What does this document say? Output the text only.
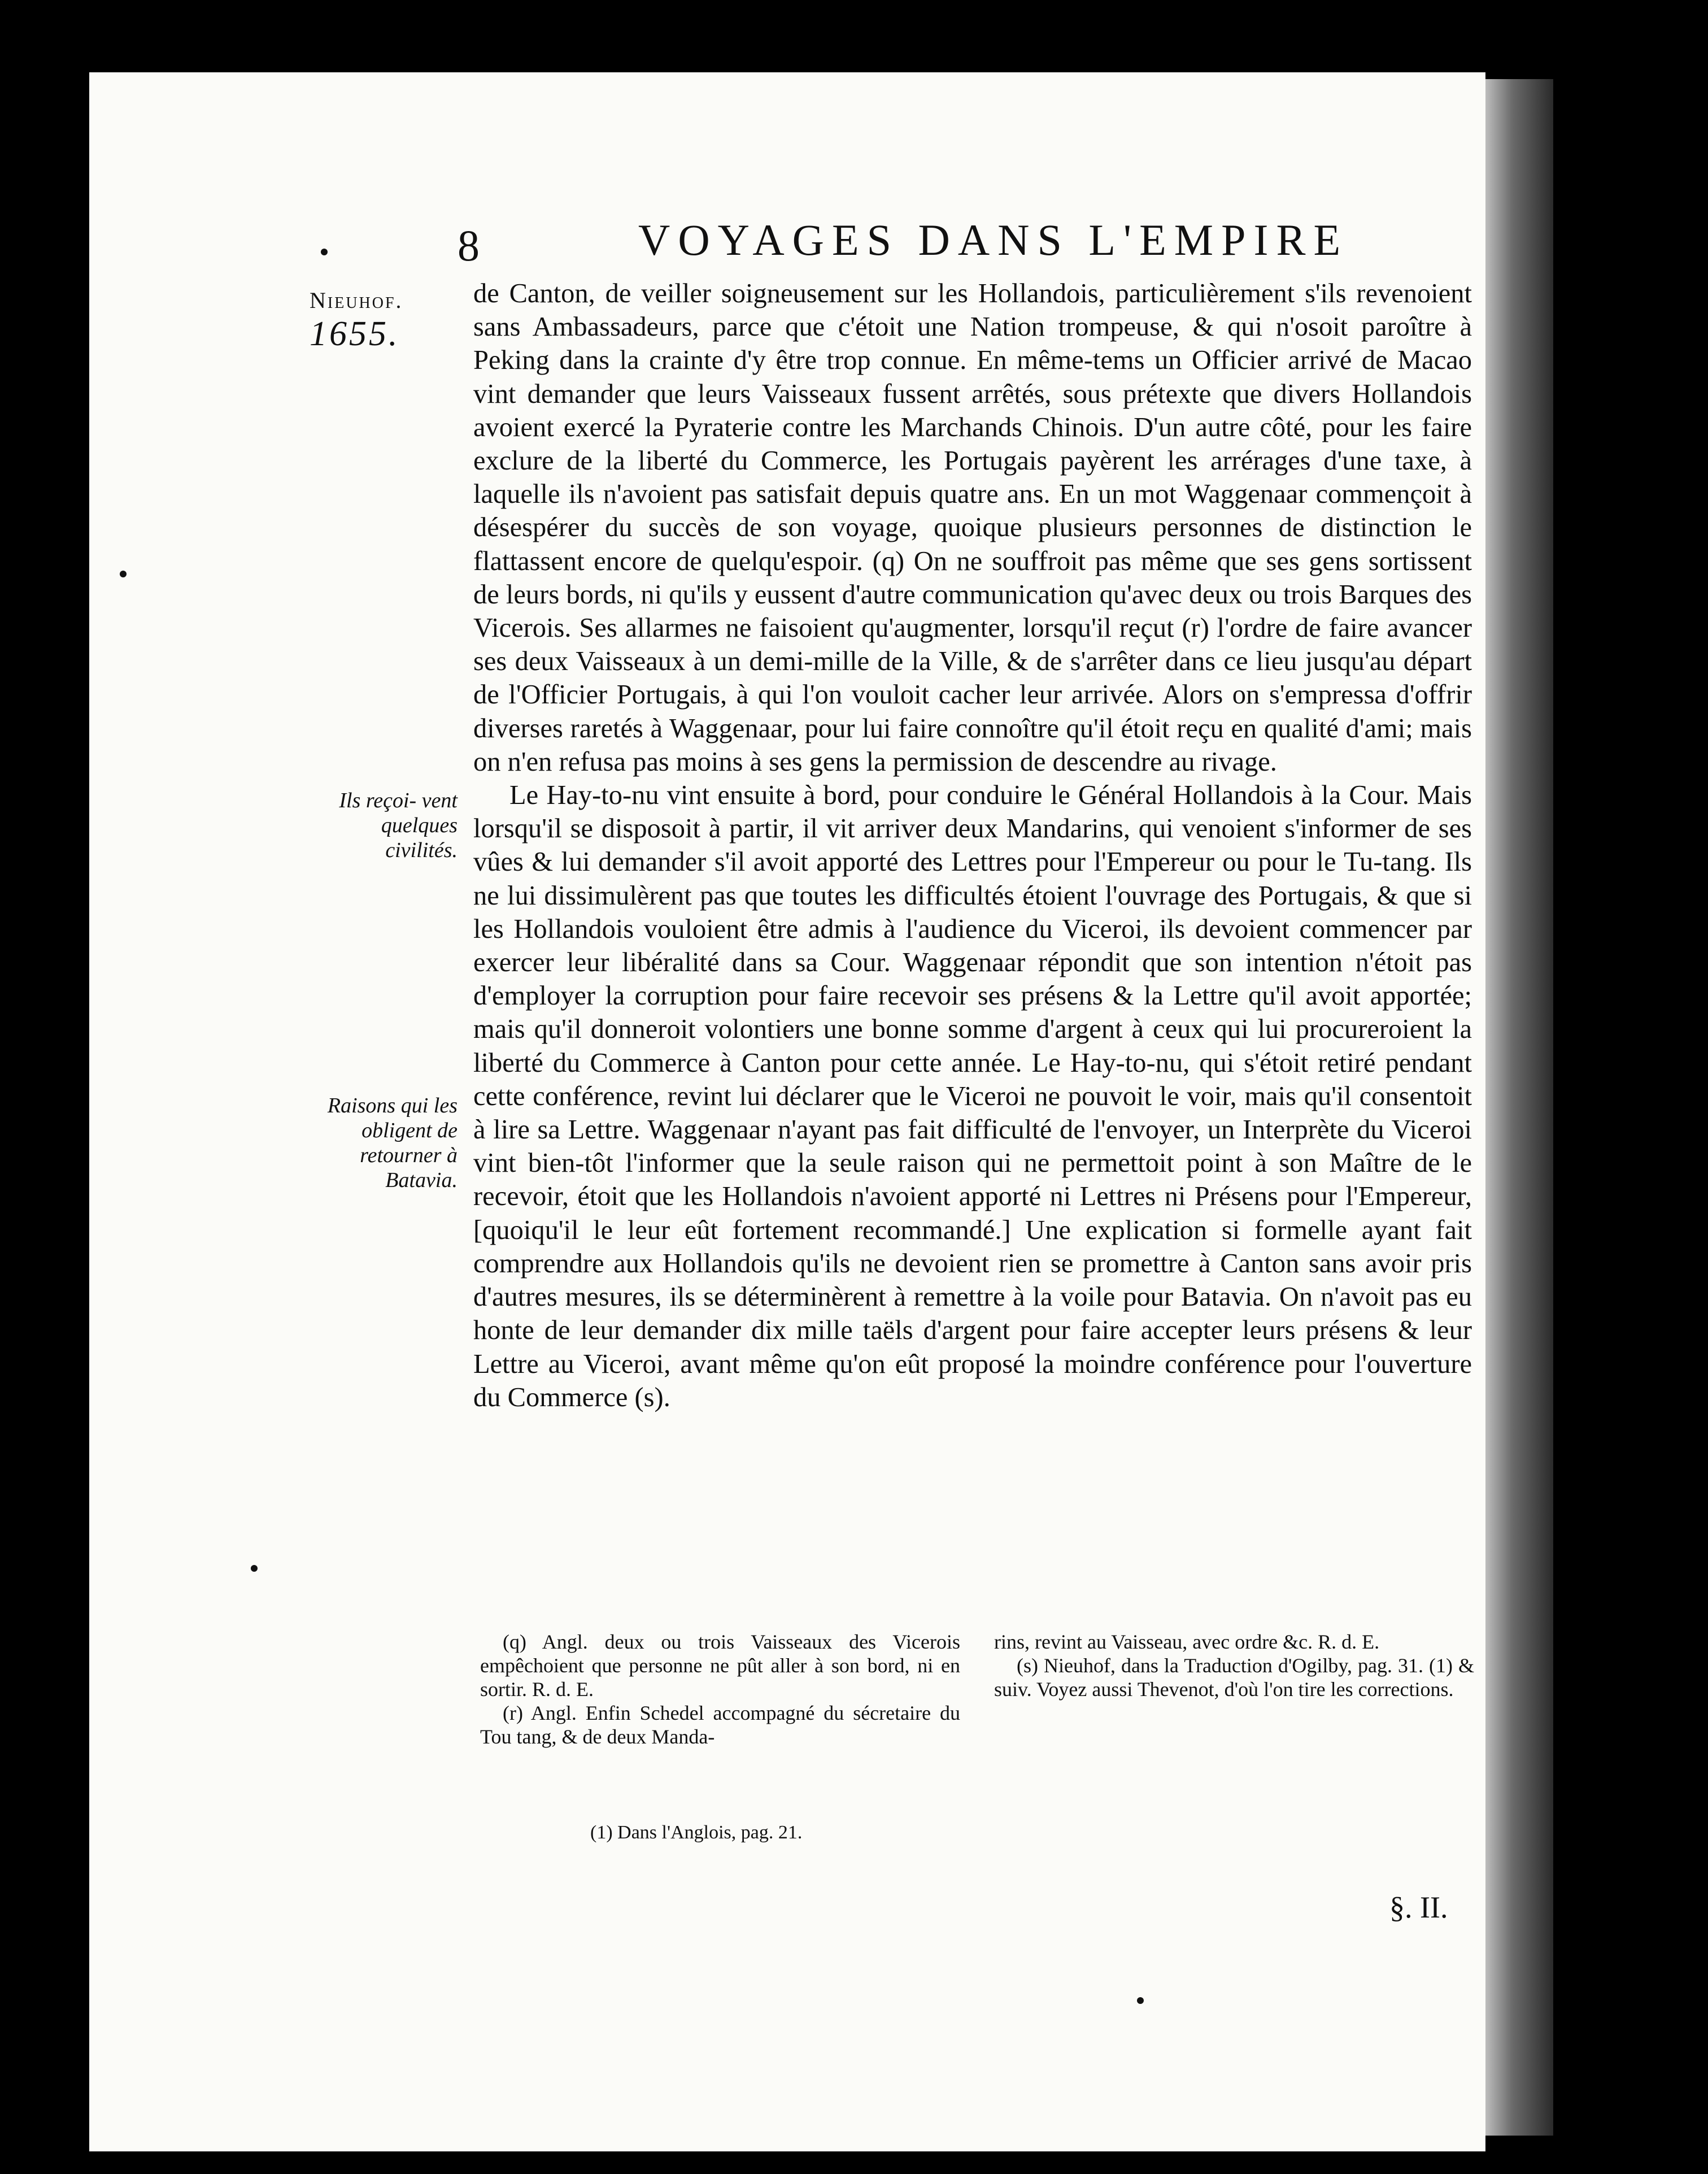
8	VOYAGES DANS L'EMPIRE
Nieuhof.
1655.
Ils reçoi- vent quelques civilités.
Raisons qui les obligent de retourner à Batavia.

de Canton, de veiller soigneusement sur les Hollandois, particulièrement s'ils revenoient sans Ambassadeurs, parce que c'étoit une Nation trompeuse, & qui n'osoit paroître à Peking dans la crainte d'y être trop connue. En même-tems un Officier arrivé de Macao vint demander que leurs Vaisseaux fussent arrêtés, sous prétexte que divers Hollandois avoient exercé la Pyraterie contre les Marchands Chinois. D'un autre côté, pour les faire exclure de la liberté du Commerce, les Portugais payèrent les arrérages d'une taxe, à laquelle ils n'avoient pas satisfait depuis quatre ans. En un mot Waggenaar commençoit à désespérer du succès de son voyage, quoique plusieurs personnes de distinction le flattassent encore de quelqu'espoir. (q) On ne souffroit pas même que ses gens sortissent de leurs bords, ni qu'ils y eussent d'autre communication qu'avec deux ou trois Barques des Vicerois. Ses allarmes ne faisoient qu'augmenter, lorsqu'il reçut (r) l'ordre de faire avancer ses deux Vaisseaux à un demi-mille de la Ville, & de s'arrêter dans ce lieu jusqu'au départ de l'Officier Portugais, à qui l'on vouloit cacher leur arrivée. Alors on s'empressa d'offrir diverses raretés à Waggenaar, pour lui faire connoître qu'il étoit reçu en qualité d'ami; mais on n'en refusa pas moins à ses gens la permission de descendre au rivage.

Le Hay-to-nu vint ensuite à bord, pour conduire le Général Hollandois à la Cour. Mais lorsqu'il se disposoit à partir, il vit arriver deux Mandarins, qui venoient s'informer de ses vûes & lui demander s'il avoit apporté des Lettres pour l'Empereur ou pour le Tu-tang. Ils ne lui dissimulèrent pas que toutes les difficultés étoient l'ouvrage des Portugais, & que si les Hollandois vouloient être admis à l'audience du Viceroi, ils devoient commencer par exercer leur libéralité dans sa Cour. Waggenaar répondit que son intention n'étoit pas d'employer la corruption pour faire recevoir ses présens & la Lettre qu'il avoit apportée; mais qu'il donneroit volontiers une bonne somme d'argent à ceux qui lui procureroient la liberté du Commerce à Canton pour cette année. Le Hay-to-nu, qui s'étoit retiré pendant cette conférence, revint lui déclarer que le Viceroi ne pouvoit le voir, mais qu'il consentoit à lire sa Lettre. Waggenaar n'ayant pas fait difficulté de l'envoyer, un Interprète du Viceroi vint bien-tôt l'informer que la seule raison qui ne permettoit point à son Maître de le recevoir, étoit que les Hollandois n'avoient apporté ni Lettres ni Présens pour l'Empereur, [quoiqu'il le leur eût fortement recommandé.] Une explication si formelle ayant fait comprendre aux Hollandois qu'ils ne devoient rien se promettre à Canton sans avoir pris d'autres mesures, ils se déterminèrent à remettre à la voile pour Batavia. On n'avoit pas eu honte de leur demander dix mille taëls d'argent pour faire accepter leurs présens & leur Lettre au Viceroi, avant même qu'on eût proposé la moindre conférence pour l'ouverture du Commerce (s).

(q) Angl. deux ou trois Vaisseaux des Vicerois empêchoient que personne ne pût aller à son bord, ni en sortir. R. d. E.

(r) Angl. Enfin Schedel accompagné du sécretaire du Tou tang, & de deux Manda-

rins, revint au Vaisseau, avec ordre &c. R. d. E.

(s) Nieuhof, dans la Traduction d'Ogilby, pag. 31. (1) & suiv. Voyez aussi Thevenot, d'où l'on tire les corrections.

(1) Dans l'Anglois, pag. 21.
§. II.
